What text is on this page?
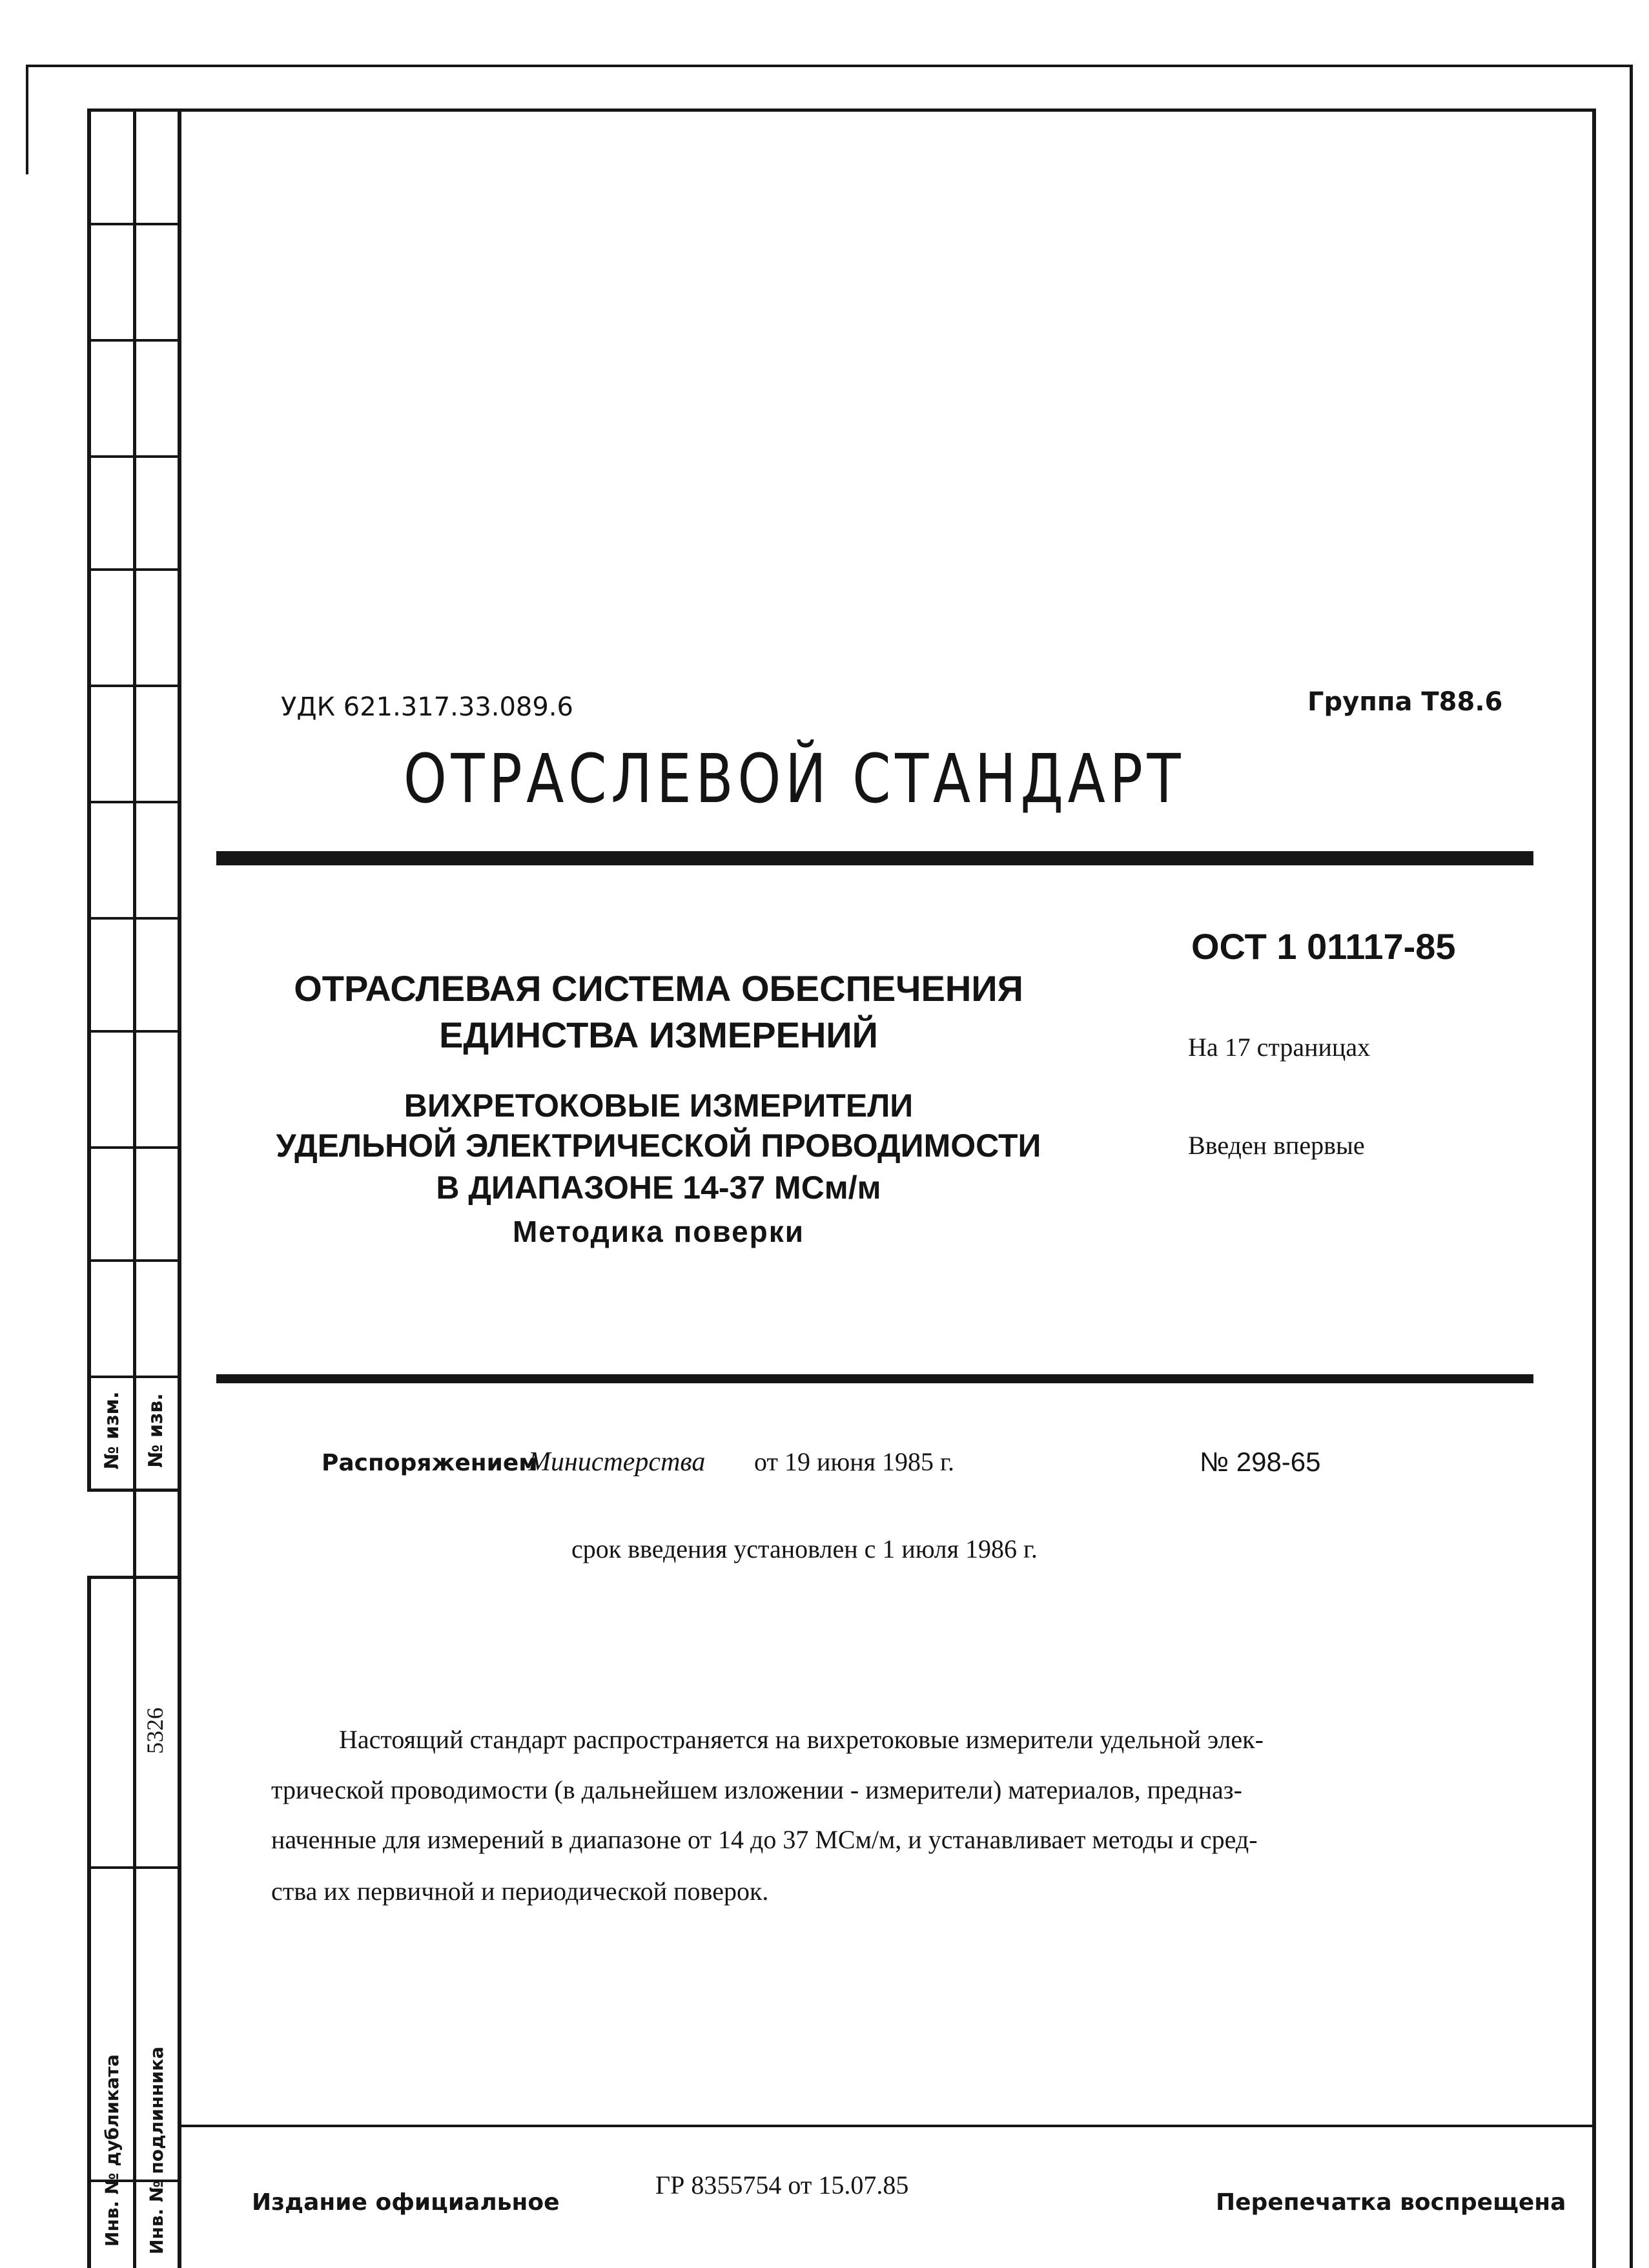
№ изм. № изв.
5326
Инв. № дубликата Инв. № подлинника
УДК 621.317.33.089.6	Группа Т88.6
ОТРАСЛЕВОЙ СТАНДАРТ
ОСТ 1 01117-85
На 17 страницах
Введен впервые
ОТРАСЛЕВАЯ СИСТЕМА ОБЕСПЕЧЕНИЯ
ЕДИНСТВА ИЗМЕРЕНИЙ
ВИХРЕТОКОВЫЕ ИЗМЕРИТЕЛИ
УДЕЛЬНОЙ ЭЛЕКТРИЧЕСКОЙ ПРОВОДИМОСТИ
В ДИАПАЗОНЕ 14-37 МСм/м
Методика поверки
Распоряжением
Министерства от 19 июня 1985 г.	№ 298-65
срок введения установлен с 1 июля 1986 г.
Настоящий стандарт распространяется на вихретоковые измерители удельной элек-
трической проводимости (в дальнейшем изложении - измерители) материалов, предназ-
наченные для измерений в диапазоне от 14 до 37 МСм/м, и устанавливает методы и сред-
ства их первичной и периодической поверок.
Издание официальное
ГР 8355754 от 15.07.85
Перепечатка воспрещена
